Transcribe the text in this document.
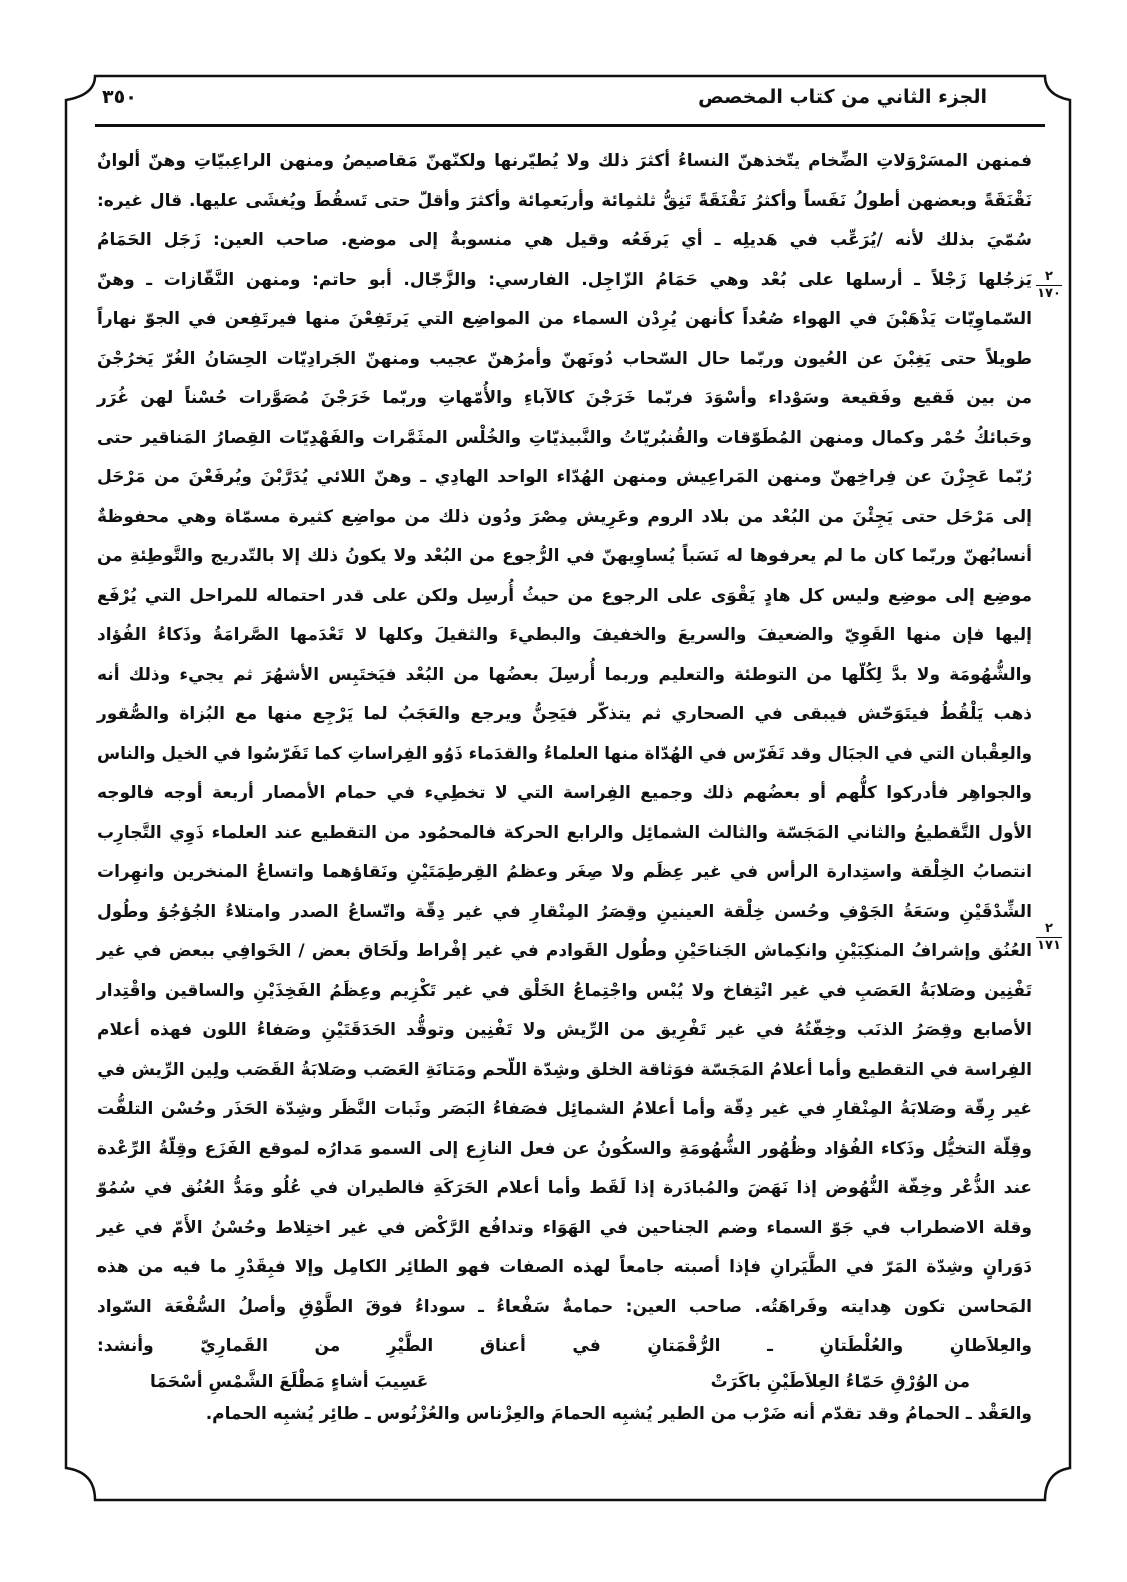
٣٥٠	الجزء الثاني من كتاب المخصص
٢
١٧٠
٢
١٧١
فمنهن المسَرْوَلاتِ الضِّخام يتّخذهنّ النساءُ أكثرَ ذلك ولا يُطيّرنها ولكنّهنّ مَقاصيصُ ومنهن الراعِبيّاتِ وهنّ ألوانٌ
نَقْنَقَةً وبعضهن أطولُ نَفَساً وأكثرُ نَقْنَقَةً تَنِقُّ ثلثمِائة وأربَعمِائة وأكثرَ وأقلّ حتى تَسقُطَ ويُغشَى عليها. قال غيره:
سُمّيَ بذلك لأنه /يُرَعِّب في هَديلِه ـ أي يَرفَعُه وقيل هي منسوبةٌ إلى موضع. صاحب العين: زَجَل الحَمَامُ
يَزجُلها زَجْلاً ـ أرسلها على بُعْد وهي حَمَامُ الزّاجِل. الفارسي: والزَّجّال. أبو حاتم: ومنهن النَّقّازات ـ وهنّ
السّماوِيّات يَذْهَبْنَ في الهواء صُعُداً كأنهن يُرِدْن السماء من المواضِع التي يَرتَفِعْنَ منها فيرتَفِعن في الجوّ نهاراً
طويلاً حتى يَغِبْنَ عن العُيون وربّما حال السّحاب دُونَهنّ وأمرُهنّ عجيب ومنهنّ الجَرادِيّات الحِسَانُ الغُرّ يَخرُجْنَ
من بين فَقيع وفَقيعة وسَوْداء وأسْوَدَ فربّما خَرَجْنَ كالآباءِ والأُمّهاتِ وربّما خَرَجْنَ مُصَوَّرات حُسْناً لهن غُرَر
وحَبائكُ حُمْر وكمال ومنهن المُطَوّقات والقُنبُريّاتُ والنَّبيذيّاتِ والخُلْس المثَمَّرات والفَهْدِيّات القِصارُ المَناقير حتى
رُبّما عَجِزْنَ عن فِراخِهنّ ومنهن المَراعِيش ومنهن الهُدّاء الواحد الهادِي ـ وهنّ اللائي يُدَرَّبْنَ ويُرفَعْنَ من مَرْحَل
إلى مَرْحَل حتى يَجِئْنَ من البُعْد من بلاد الروم وعَرِيش مِصْرَ ودُون ذلك من مواضِع كثيرة مسمّاة وهي محفوظةٌ
أنسابُهنّ وربّما كان ما لم يعرفوها له نَسَباً يُساوِيهنّ في الرُّجوع من البُعْد ولا يكونُ ذلك إلا بالتّدريج والتَّوطِئةِ من
موضِع إلى موضِع وليس كل هادٍ يَقْوَى على الرجوع من حيثُ أُرسِل ولكن على قدر احتماله للمراحل التي يُرْفَع
إليها فإن منها القَوِيّ والضعيفَ والسريعَ والخفيفَ والبطيءَ والثقيلَ وكلها لا تَعْدَمها الصَّرامَةُ وذَكاءُ الفُؤاد
والشُّهُومَة ولا بدَّ لِكُلّها من التوطئة والتعليم وربما أُرسِلَ بعضُها من البُعْد فيَختَبِس الأشهُرَ ثم يجيء وذلك أنه
ذهب يَلْقُطُ فيتَوَحّش فيبقى في الصحاري ثم يتذكّر فيَحِنُّ ويرجع والعَجَبُ لما يَرْجِع منها مع البُزاة والصُّقور
والعِقْبان التي في الجبَال وقد تَفَرّس في الهُدّاة منها العلماءُ والقدَماء ذَوُو الفِراساتِ كما تَفَرّسُوا في الخيل والناس
والجواهِر فأدركوا كلُّهم أو بعضُهم ذلك وجميع الفِراسة التي لا تخطِيء في حمام الأمصار أربعة أوجه فالوجه
الأول التَّقطيعُ والثاني المَجَسّة والثالث الشمائِل والرابع الحركة فالمحمُود من التقطيع عند العلماء ذَوِي التَّجارِب
انتصابُ الخِلْقة واستِدارة الرأس في غير عِظَم ولا صِغَر وعظمُ القِرطِمَتَيْنِ ونَقاؤهما واتساعُ المنخرين وانهِرات
الشِّدْقَيْنِ وسَعَةُ الجَوْفِ وحُسن خِلْقة العينينِ وقِصَرُ المِنْقارِ في غير دِقّة واتّساعُ الصدر وامتلاءُ الجُؤجُؤ وطُول
العُنُق وإشرافُ المنكِبَيْنِ وانكِماش الجَناحَيْنِ وطُول القَوادم في غير إفْراط ولَحَاق بعض / الخَوافِي ببعض في غير
تَفْنِين وصَلابَةُ العَصَبِ في غير انْتِفاخ ولا يُبْس واجْتِماعُ الخَلْق في غير تَكْزِيم وعِظَمُ الفَخِذَيْنِ والساقين واقْتِدار
الأصابع وقِصَرُ الذنَب وخِفّتُهُ في غير تَفْرِيق من الرِّيش ولا تَفْنِين وتوقُّد الحَدَقَتَيْنِ وصَفاءُ اللون فهذه أعلام
الفِراسة في التقطيع وأما أعلامُ المَجَسّة فوَثاقة الخلق وشِدّة اللّحم ومَتانَةِ العَصَب وصَلابَةُ القَصَب ولِين الرِّيش في
غير رِقّة وصَلابَةُ المِنْقارِ في غير دِقّة وأما أعلامُ الشمائِل فصَفاءُ البَصَر وثَبات النَّظَر وشِدّة الحَذَر وحُسْن التلفُّت
وقِلّة التخيُّل وذَكاء الفُؤاد وظُهُور الشُّهُومَةِ والسكُونُ عن فعل النازِع إلى السمو مَدارُه لموقع الفَزَع وقِلّةُ الرِّعْدة
عند الذُّعْر وخِفّة النُّهُوض إذا نَهَضَ والمُبادَرة إذا لَقَط وأما أعلام الحَرَكَةِ فالطيران في عُلُو ومَدُّ العُنُق في سُمُوّ
وقلة الاضطراب في جَوّ السماء وضم الجناحين في الهَوَاء وتدافُع الرَّكْض في غير اختِلاط وحُسْنُ الأَمّ في غير
دَوَرانٍ وشِدّة المَرّ في الطَّيَرانِ فإذا أصبته جامعاً لهذه الصفات فهو الطائِر الكامِل وإلا فبِقَدْرِ ما فيه من هذه
المَحاسن تكون هِدايته وفَراهَتُه. صاحب العين: حمامةٌ سَفْعاءُ ـ سوداءُ فوقَ الطَّوْقِ وأصلُ السُّفْعَة السّواد
والعِلاَطانِ والعُلْطَتانِ ـ الرُّقْمَتانِ في أعناق الطَّيْرِ من القَمارِيّ وأنشد:
من الوُرْقِ حَمّاءُ العِلاَطَيْنِ باكَرَتْ
عَسِيبَ أشاءٍ مَطْلَعَ الشَّمْسِ أسْحَمَا
والعَقْد ـ الحمامُ وقد تقدّم أنه ضَرْب من الطير يُشبِه الحمامَ والعِزْناس والعُزْنُوس ـ طائِر يُشبِه الحمام.
